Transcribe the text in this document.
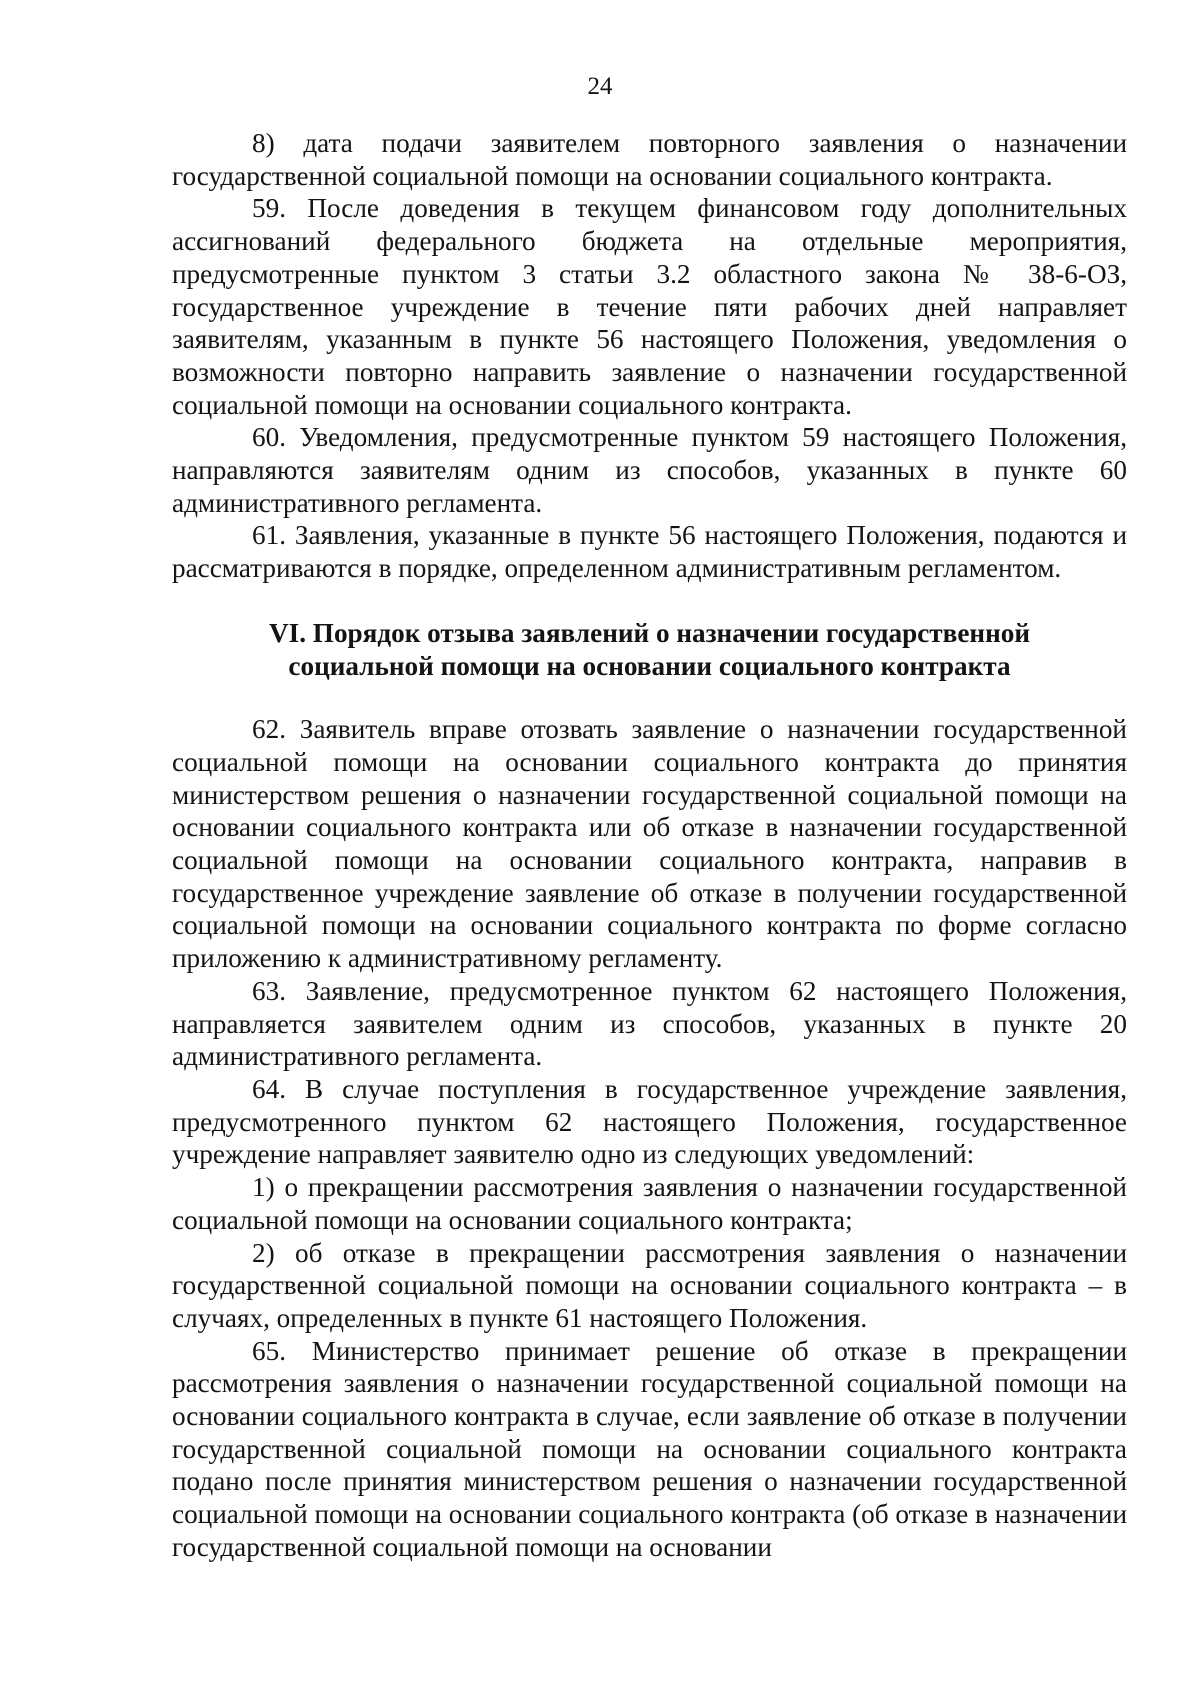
24

8) дата подачи заявителем повторного заявления о назначении государственной социальной помощи на основании социального контракта.

59. После доведения в текущем финансовом году дополнительных ассигнований федерального бюджета на отдельные мероприятия, предусмотренные пунктом 3 статьи 3.2 областного закона № 38-6-ОЗ, государственное учреждение в течение пяти рабочих дней направляет заявителям, указанным в пункте 56 настоящего Положения, уведомления о возможности повторно направить заявление о назначении государственной социальной помощи на основании социального контракта.

60. Уведомления, предусмотренные пунктом 59 настоящего Положения, направляются заявителям одним из способов, указанных в пункте 60 административного регламента.

61. Заявления, указанные в пункте 56 настоящего Положения, подаются и рассматриваются в порядке, определенном административным регламентом.

VI. Порядок отзыва заявлений о назначении государственной
социальной помощи на основании социального контракта

62. Заявитель вправе отозвать заявление о назначении государственной социальной помощи на основании социального контракта до принятия министерством решения о назначении государственной социальной помощи на основании социального контракта или об отказе в назначении государственной социальной помощи на основании социального контракта, направив в государственное учреждение заявление об отказе в получении государственной социальной помощи на основании социального контракта по форме согласно приложению к административному регламенту.

63. Заявление, предусмотренное пунктом 62 настоящего Положения, направляется заявителем одним из способов, указанных в пункте 20 административного регламента.

64. В случае поступления в государственное учреждение заявления, предусмотренного пунктом 62 настоящего Положения, государственное учреждение направляет заявителю одно из следующих уведомлений:

1) о прекращении рассмотрения заявления о назначении государственной социальной помощи на основании социального контракта;

2) об отказе в прекращении рассмотрения заявления о назначении государственной социальной помощи на основании социального контракта – в случаях, определенных в пункте 61 настоящего Положения.

65. Министерство принимает решение об отказе в прекращении рассмотрения заявления о назначении государственной социальной помощи на основании социального контракта в случае, если заявление об отказе в получении государственной социальной помощи на основании социального контракта подано после принятия министерством решения о назначении государственной социальной помощи на основании социального контракта (об отказе в назначении государственной социальной помощи на основании
